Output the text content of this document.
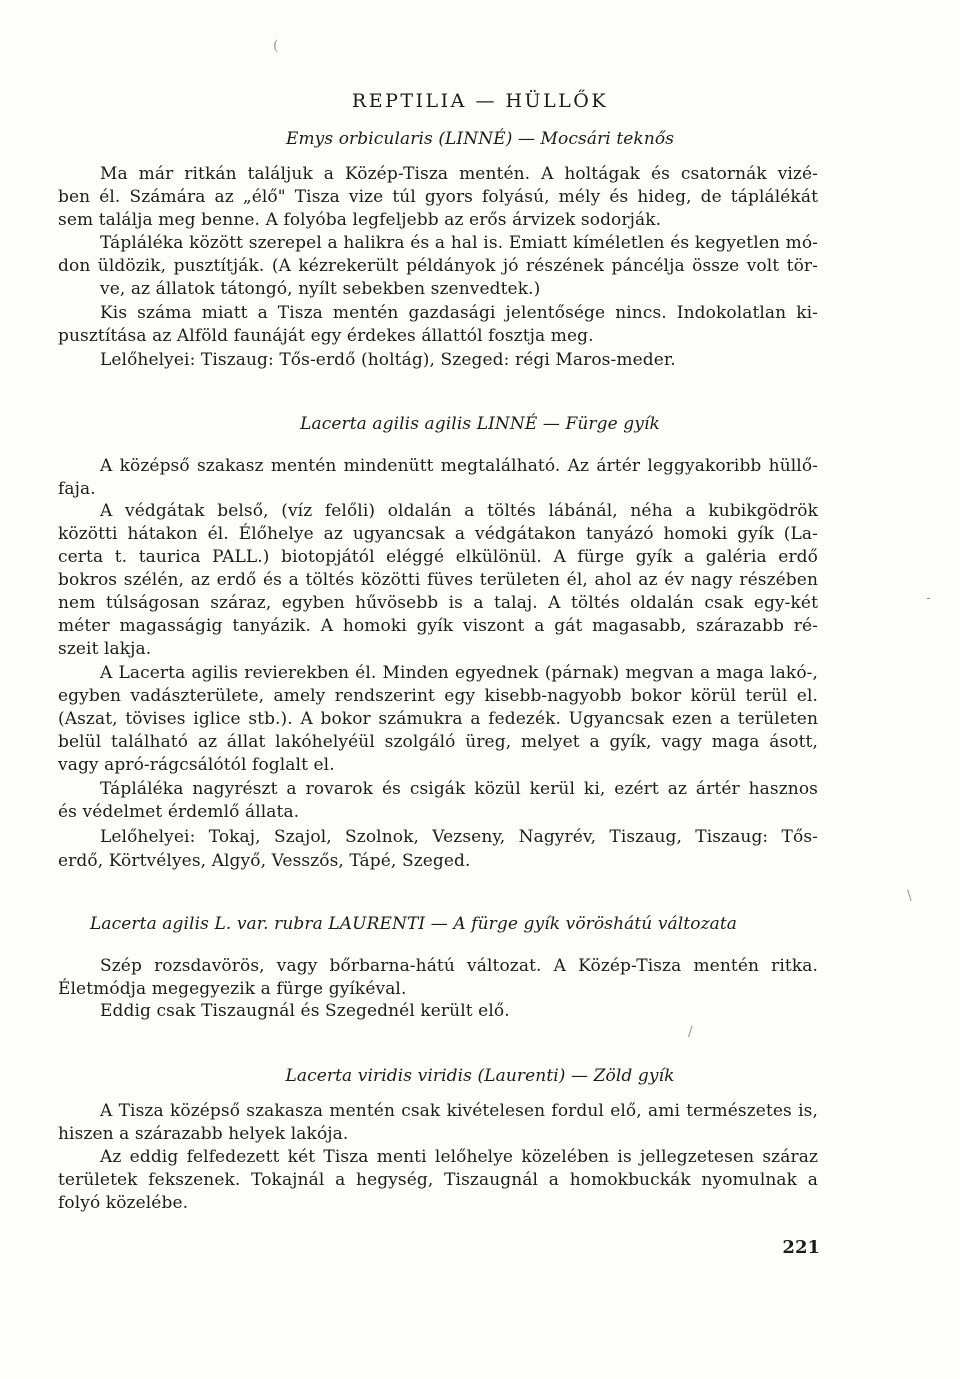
(
/
\
-
REPTILIA — HÜLLŐK
Emys orbicularis (LINNÉ) — Mocsári teknős
Ma már ritkán találjuk a Közép-Tisza mentén. A holtágak és csatornák vizé-
ben él. Számára az „élő" Tisza vize túl gyors folyású, mély és hideg, de táplálékát
sem találja meg benne. A folyóba legfeljebb az erős árvizek sodorják.
Tápláléka között szerepel a halikra és a hal is. Emiatt kíméletlen és kegyetlen mó-
don üldözik, pusztítják. (A kézrekerült példányok jó részének páncélja össze volt tör-
ve, az állatok tátongó, nyílt sebekben szenvedtek.)
Kis száma miatt a Tisza mentén gazdasági jelentősége nincs. Indokolatlan ki-
pusztítása az Alföld faunáját egy érdekes állattól fosztja meg.
Lelőhelyei: Tiszaug: Tős-erdő (holtág), Szeged: régi Maros-meder.
Lacerta agilis agilis LINNÉ — Fürge gyík
A középső szakasz mentén mindenütt megtalálható. Az ártér leggyakoribb hüllő-
faja.
A védgátak belső, (víz felőli) oldalán a töltés lábánál, néha a kubikgödrök
közötti hátakon él. Élőhelye az ugyancsak a védgátakon tanyázó homoki gyík (La-
certa t. taurica PALL.) biotopjától eléggé elkülönül. A fürge gyík a galéria erdő
bokros szélén, az erdő és a töltés közötti füves területen él, ahol az év nagy részében
nem túlságosan száraz, egyben hűvösebb is a talaj. A töltés oldalán csak egy-két
méter magasságig tanyázik. A homoki gyík viszont a gát magasabb, szárazabb ré-
szeit lakja.
A Lacerta agilis revierekben él. Minden egyednek (párnak) megvan a maga lakó-,
egyben vadászterülete, amely rendszerint egy kisebb-nagyobb bokor körül terül el.
(Aszat, tövises iglice stb.). A bokor számukra a fedezék. Ugyancsak ezen a területen
belül található az állat lakóhelyéül szolgáló üreg, melyet a gyík, vagy maga ásott,
vagy apró-rágcsálótól foglalt el.
Tápláléka nagyrészt a rovarok és csigák közül kerül ki, ezért az ártér hasznos
és védelmet érdemlő állata.
Lelőhelyei: Tokaj, Szajol, Szolnok, Vezseny, Nagyrév, Tiszaug, Tiszaug: Tős-
erdő, Körtvélyes, Algyő, Vesszős, Tápé, Szeged.
Lacerta agilis L. var. rubra LAURENTI — A fürge gyík vöröshátú változata
Szép rozsdavörös, vagy bőrbarna-hátú változat. A Közép-Tisza mentén ritka.
Életmódja megegyezik a fürge gyíkéval.
Eddig csak Tiszaugnál és Szegednél került elő.
Lacerta viridis viridis (Laurenti) — Zöld gyík
A Tisza középső szakasza mentén csak kivételesen fordul elő, ami természetes is,
hiszen a szárazabb helyek lakója.
Az eddig felfedezett két Tisza menti lelőhelye közelében is jellegzetesen száraz
területek fekszenek. Tokajnál a hegység, Tiszaugnál a homokbuckák nyomulnak a
folyó közelébe.
221
